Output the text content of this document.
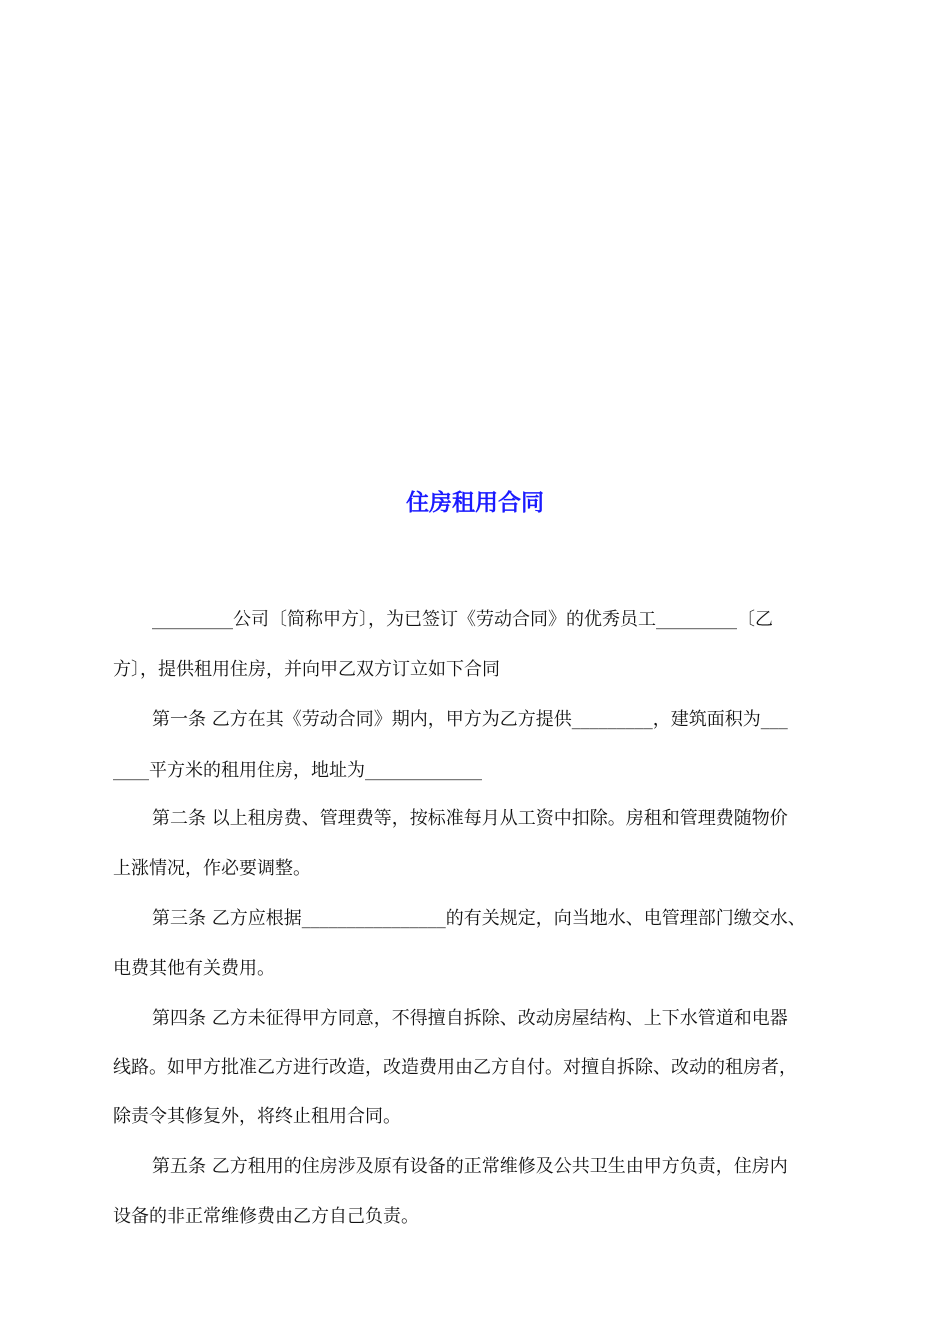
住房租用合同
_________公司〔简称甲方〕，为已签订《劳动合同》的优秀员工_________〔乙
方〕，提供租用住房，并向甲乙双方订立如下合同
第一条 乙方在其《劳动合同》期内，甲方为乙方提供_________，建筑面积为___
____平方米的租用住房，地址为_____________
第二条 以上租房费、管理费等，按标准每月从工资中扣除。房租和管理费随物价
上涨情况，作必要调整。
第三条 乙方应根据________________的有关规定，向当地水、电管理部门缴交水、
电费其他有关费用。
第四条 乙方未征得甲方同意，不得擅自拆除、改动房屋结构、上下水管道和电器
线路。如甲方批准乙方进行改造，改造费用由乙方自付。对擅自拆除、改动的租房者，
除责令其修复外，将终止租用合同。
第五条 乙方租用的住房涉及原有设备的正常维修及公共卫生由甲方负责，住房内
设备的非正常维修费由乙方自己负责。
